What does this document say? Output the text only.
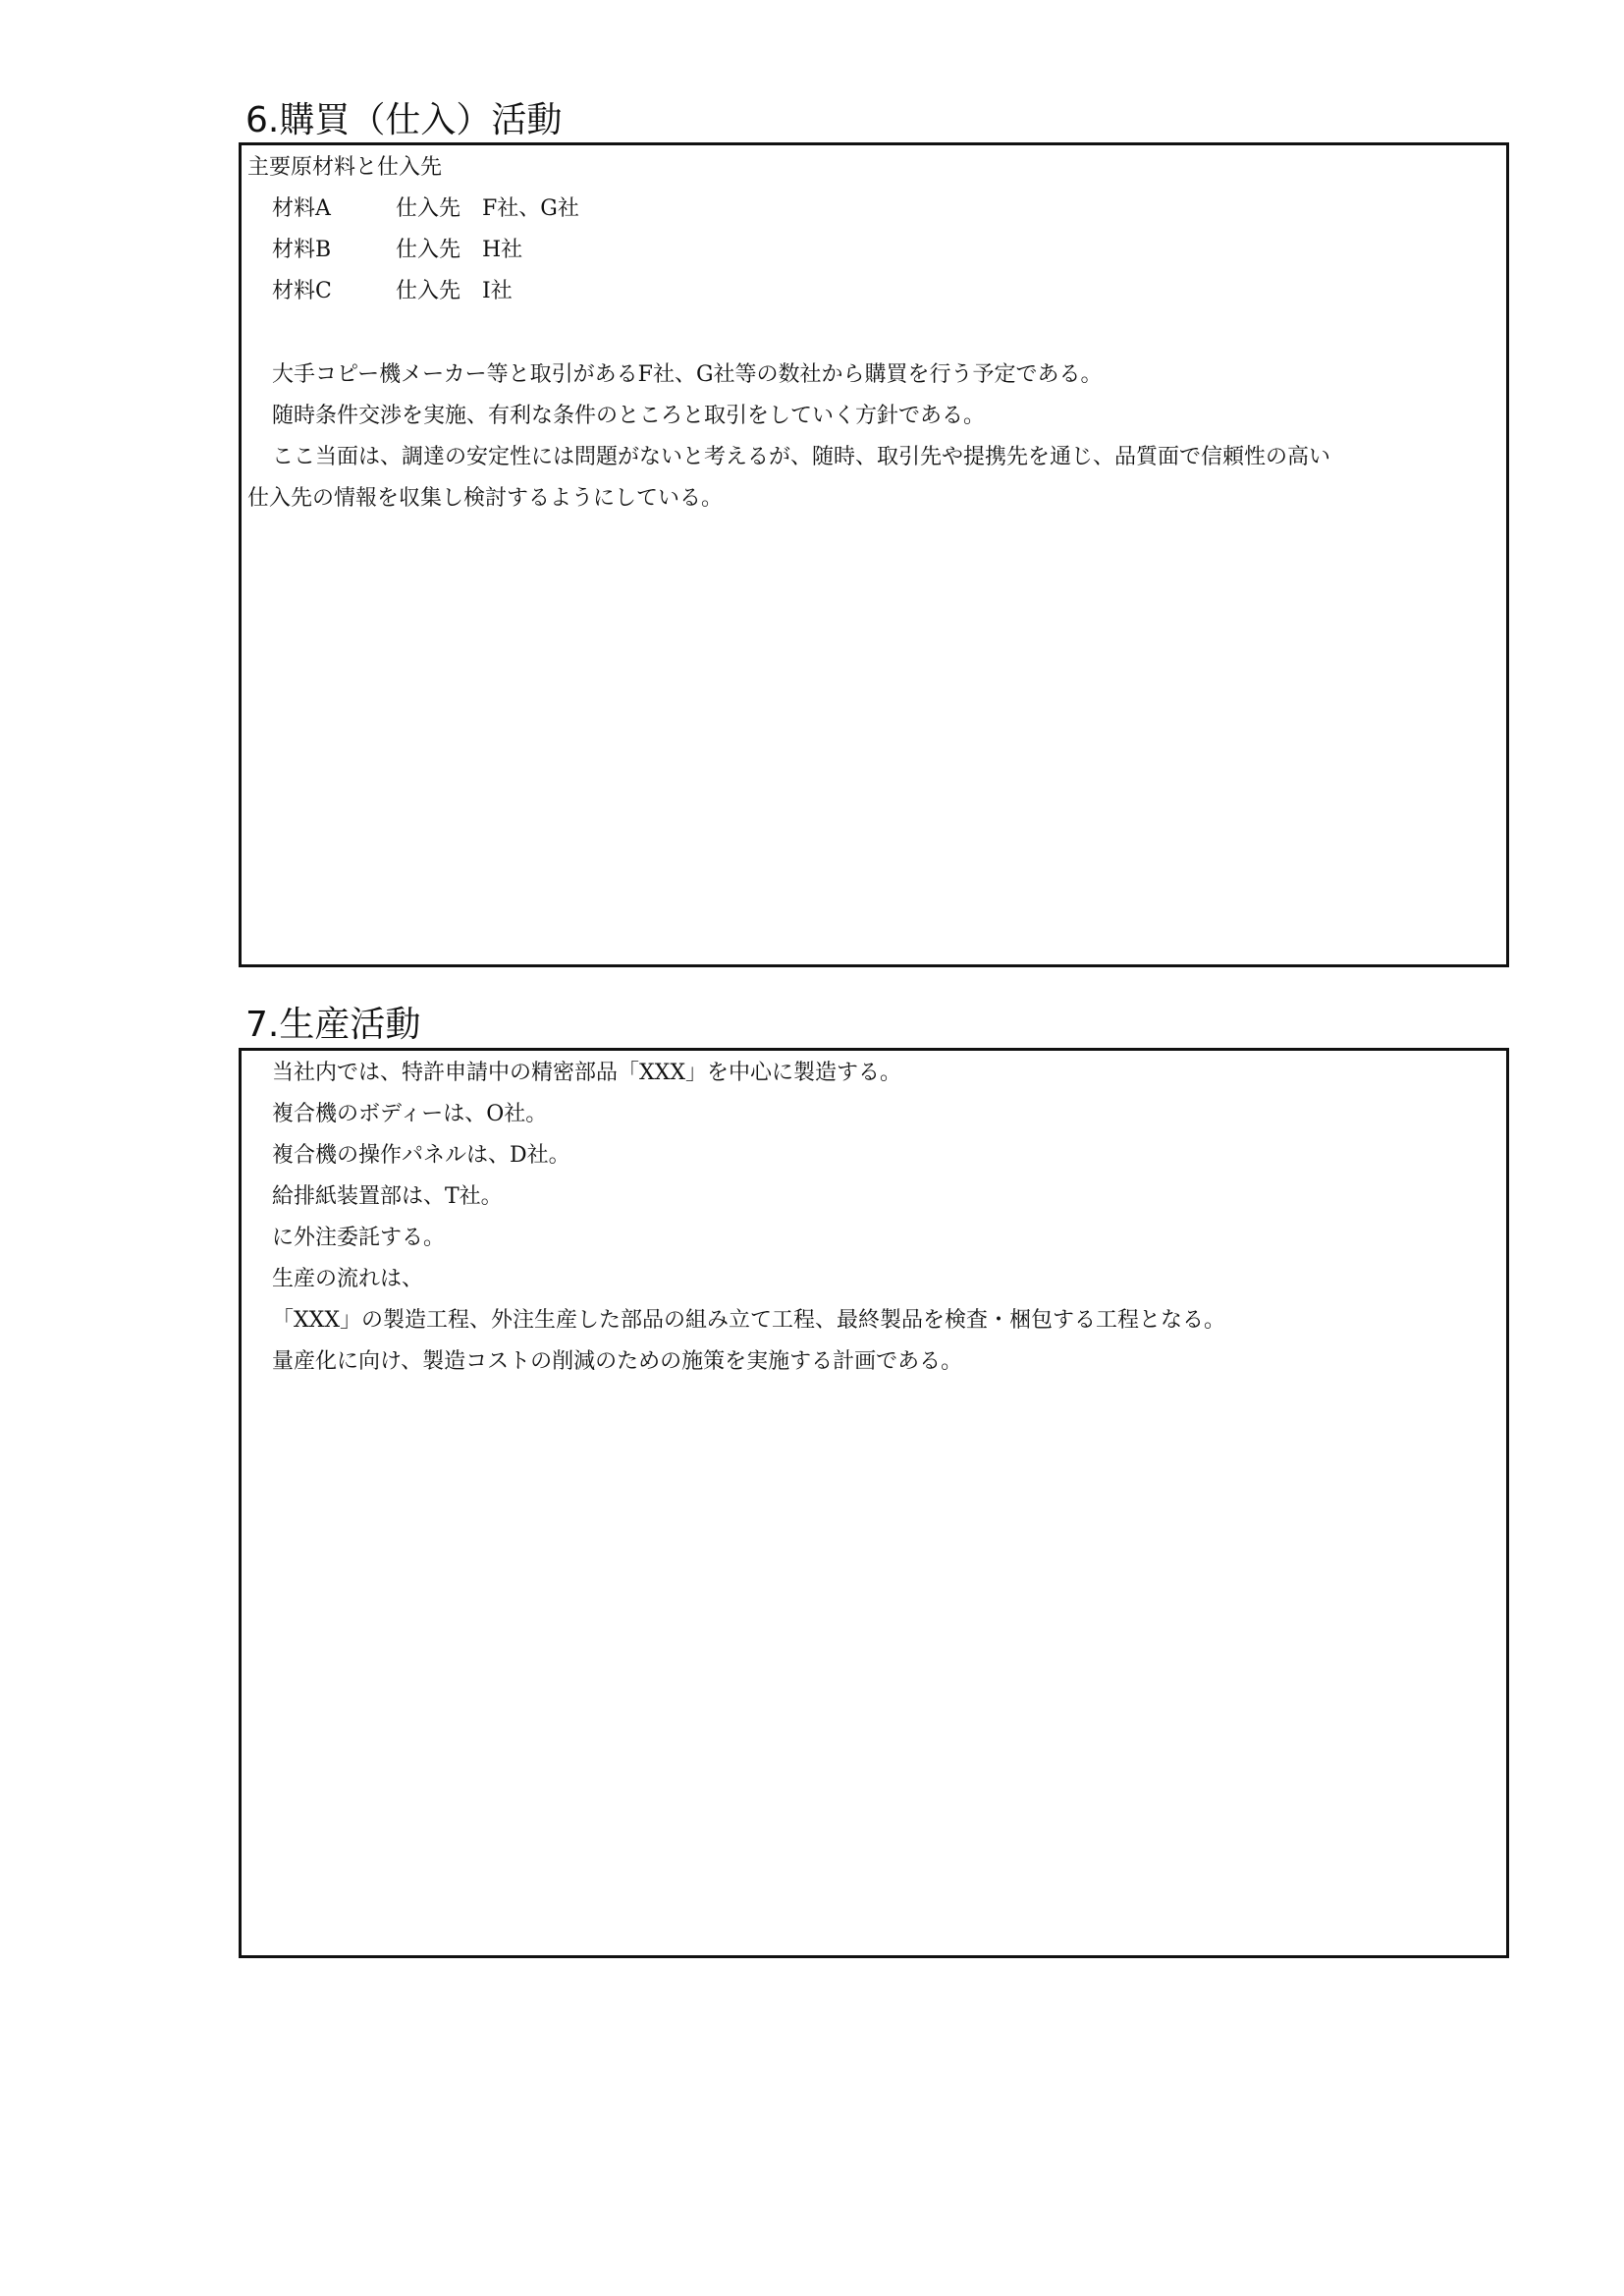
6.購買（仕入）活動
主要原材料と仕入先
材料A	仕入先 F社、G社
材料B	仕入先 H社
材料C	仕入先 I社
大手コピー機メーカー等と取引があるF社、G社等の数社から購買を行う予定である。
随時条件交渉を実施、有利な条件のところと取引をしていく方針である。
ここ当面は、調達の安定性には問題がないと考えるが、随時、取引先や提携先を通じ、品質面で信頼性の高い
仕入先の情報を収集し検討するようにしている。
7.生産活動
当社内では、特許申請中の精密部品「XXX」を中心に製造する。
複合機のボディーは、O社。
複合機の操作パネルは、D社。
給排紙装置部は、T社。
に外注委託する。
生産の流れは、
「XXX」の製造工程、外注生産した部品の組み立て工程、最終製品を検査・梱包する工程となる。
量産化に向け、製造コストの削減のための施策を実施する計画である。
